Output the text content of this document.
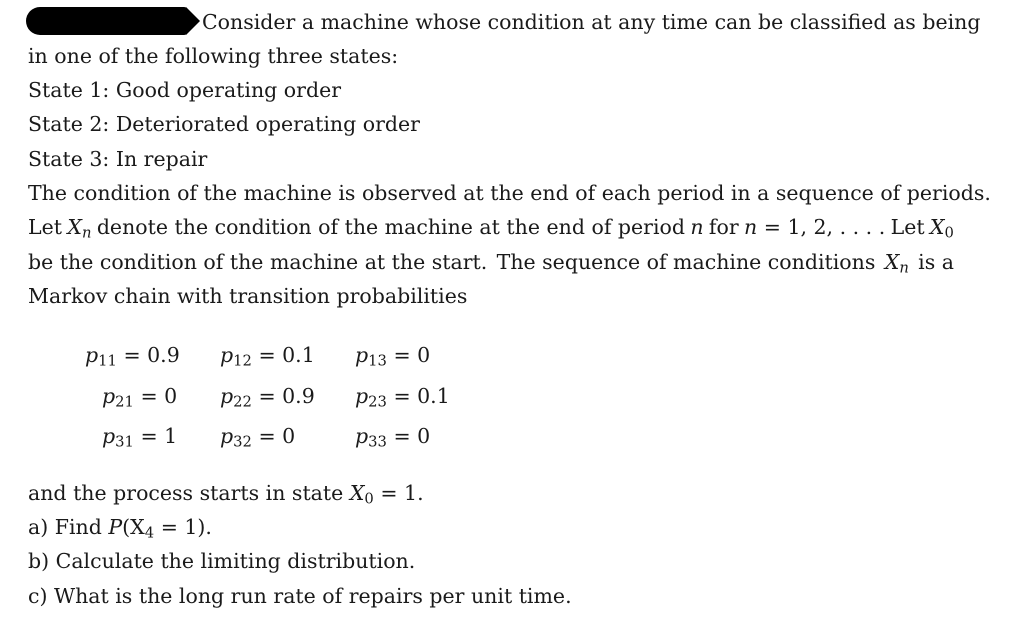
Consider a machine whose condition at any time can be classified as being
in one of the following three states:
State 1: Good operating order
State 2: Deteriorated operating order
State 3: In repair
The condition of the machine is observed at the end of each period in a sequence of periods.
Let $X_n$ denote the condition of the machine at the end of period n for n = 1, 2, . . . . Let $X_0$
be the condition of the machine at the start. The sequence of machine conditions $X_n$ is a
Markov chain with transition probabilities
and the process starts in state $X_0 = 1$.
a) Find $P(X_4 = 1)$.
b) Calculate the limiting distribution.
c) What is the long run rate of repairs per unit time.
$p_{11} = 0.9$ $p_{12} = 0.1$ $p_{13} = 0$
$p_{21} = 0$ $p_{22} = 0.9$ $p_{23} = 0.1$
$p_{31} = 1$ $p_{32} = 0$	$p_{33} = 0$
